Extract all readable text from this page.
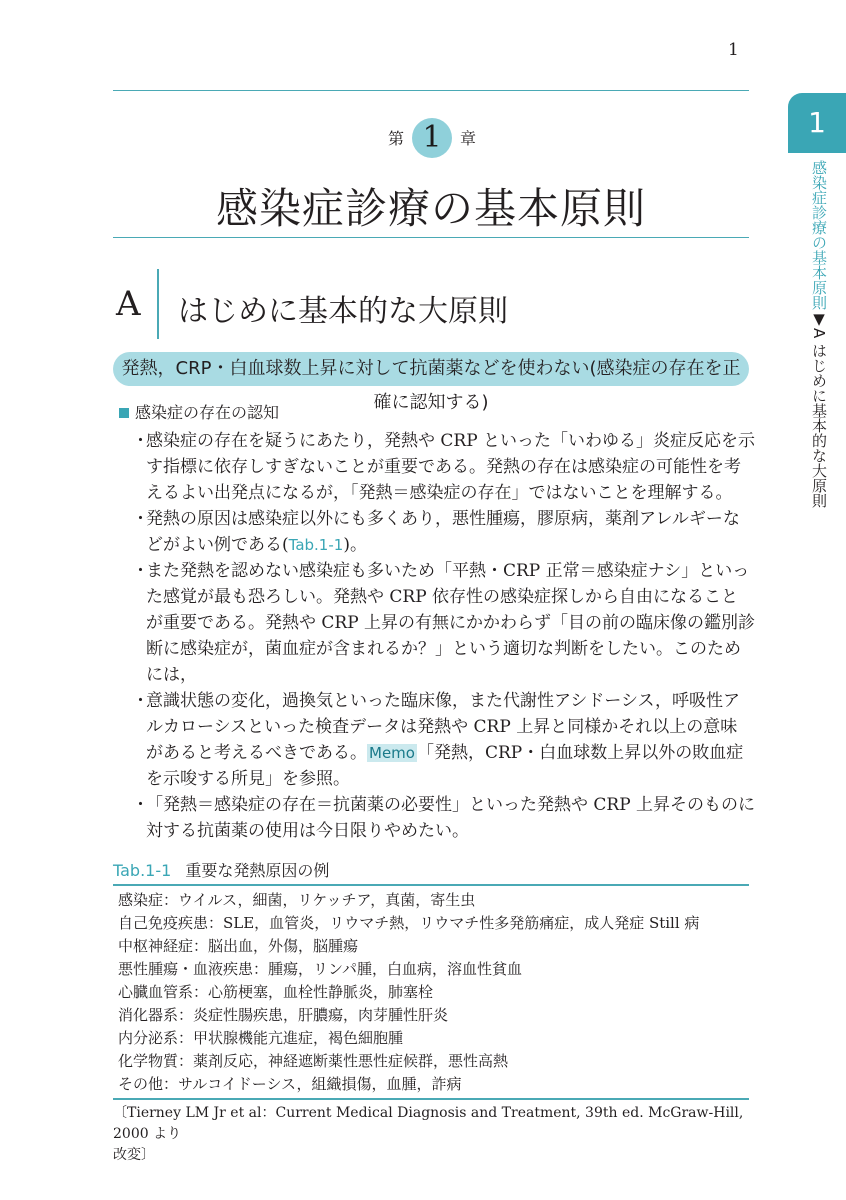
1
第 1	章
感染症診療の基本原則
A はじめに基本的な大原則
発熱，CRP・白血球数上昇に対して抗菌薬などを使わない(感染症の存在を正確に認知する)
感染症の存在の認知
・
感染症の存在を疑うにあたり，発熱や CRP といった「いわゆる」炎症反応を示
す指標に依存しすぎないことが重要である。発熱の存在は感染症の可能性を考
えるよい出発点になるが，「発熱＝感染症の存在」ではないことを理解する。
・
発熱の原因は感染症以外にも多くあり，悪性腫瘍，膠原病，薬剤アレルギーな
どがよい例である(Tab.1-1)。
・
また発熱を認めない感染症も多いため「平熱・CRP 正常＝感染症ナシ」といっ
た感覚が最も恐ろしい。発熱や CRP 依存性の感染症探しから自由になること
が重要である。発熱や CRP 上昇の有無にかかわらず「目の前の臨床像の鑑別診
断に感染症が，菌血症が含まれるか？」という適切な判断をしたい。このため
には，
・
意識状態の変化，過換気といった臨床像，また代謝性アシドーシス，呼吸性ア
ルカローシスといった検査データは発熱や CRP 上昇と同様かそれ以上の意味
があると考えるべきである。 Memo 「発熱，CRP・白血球数上昇以外の敗血症
を示唆する所見」を参照。
・
「発熱＝感染症の存在＝抗菌薬の必要性」といった発熱や CRP 上昇そのものに
対する抗菌薬の使用は今日限りやめたい。
Tab.1-1 重要な発熱原因の例
感染症：ウイルス，細菌，リケッチア，真菌，寄生虫
自己免疫疾患：SLE，血管炎，リウマチ熱，リウマチ性多発筋痛症，成人発症 Still 病
中枢神経症：脳出血，外傷，脳腫瘍
悪性腫瘍・血液疾患：腫瘍，リンパ腫，白血病，溶血性貧血
心臓血管系：心筋梗塞，血栓性静脈炎，肺塞栓
消化器系：炎症性腸疾患，肝膿瘍，肉芽腫性肝炎
内分泌系：甲状腺機能亢進症，褐色細胞腫
化学物質：薬剤反応，神経遮断薬性悪性症候群，悪性高熱
その他：サルコイドーシス，組織損傷，血腫，詐病
〔Tierney LM Jr et al：Current Medical Diagnosis and Treatment, 39th ed. McGraw-Hill, 2000 より
改変〕
1
感染症診療の基本原則▼A はじめに基本的な大原則
